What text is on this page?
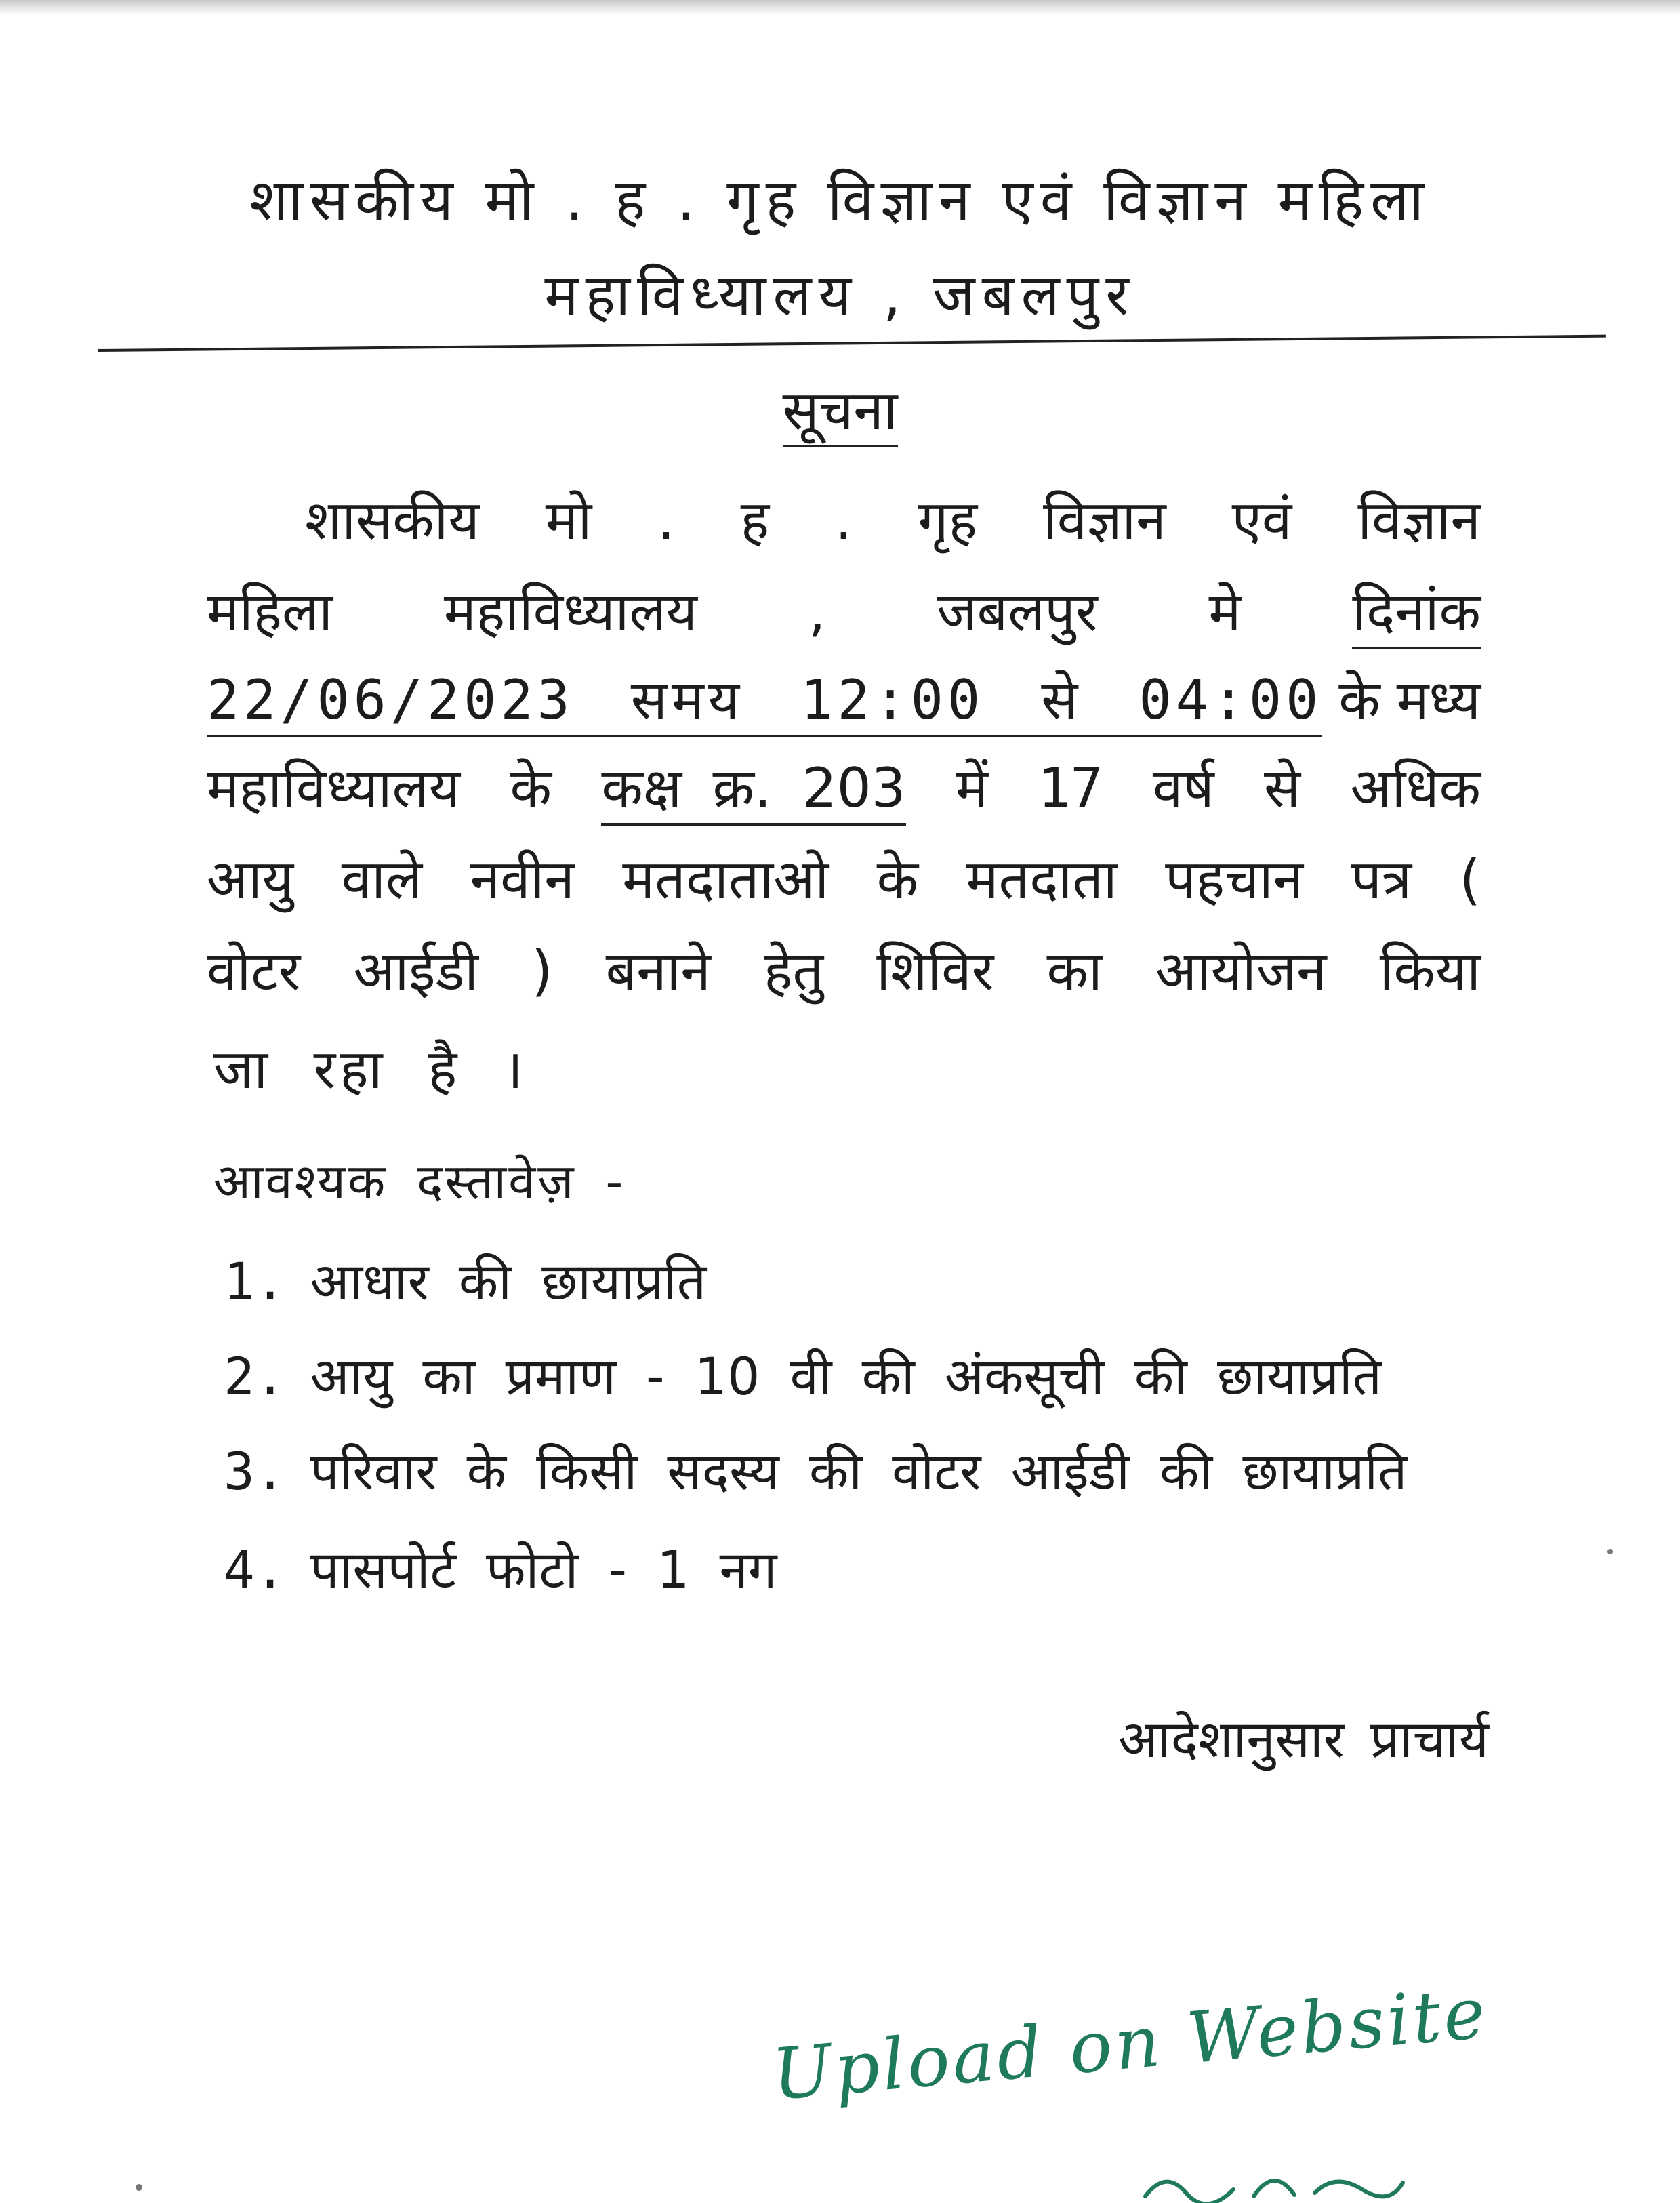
शासकीय मो . ह . गृह विज्ञान एवं विज्ञान महिला
महाविध्यालय , जबलपुर
सूचना
शासकीय मो . ह . गृह विज्ञान एवं विज्ञान
महिला महाविध्यालय , जबलपुर मे दिनांक
22/06/2023 समय 12:00 से 04:00 के मध्य
महाविध्यालय के कक्ष क्र. 203 में 17 वर्ष से अधिक
आयु वाले नवीन मतदाताओ के मतदाता पहचान पत्र (
वोटर आईडी ) बनाने हेतु शिविर का आयोजन किया
जा रहा है ।
आवश्यक दस्तावेज़ -
1. आधार की छायाप्रति
2. आयु का प्रमाण - 10 वी की अंकसूची की छायाप्रति
3. परिवार के किसी सदस्य की वोटर आईडी की छायाप्रति
4. पासपोर्ट फोटो - 1 नग
आदेशानुसार प्राचार्य
Upload on Website
